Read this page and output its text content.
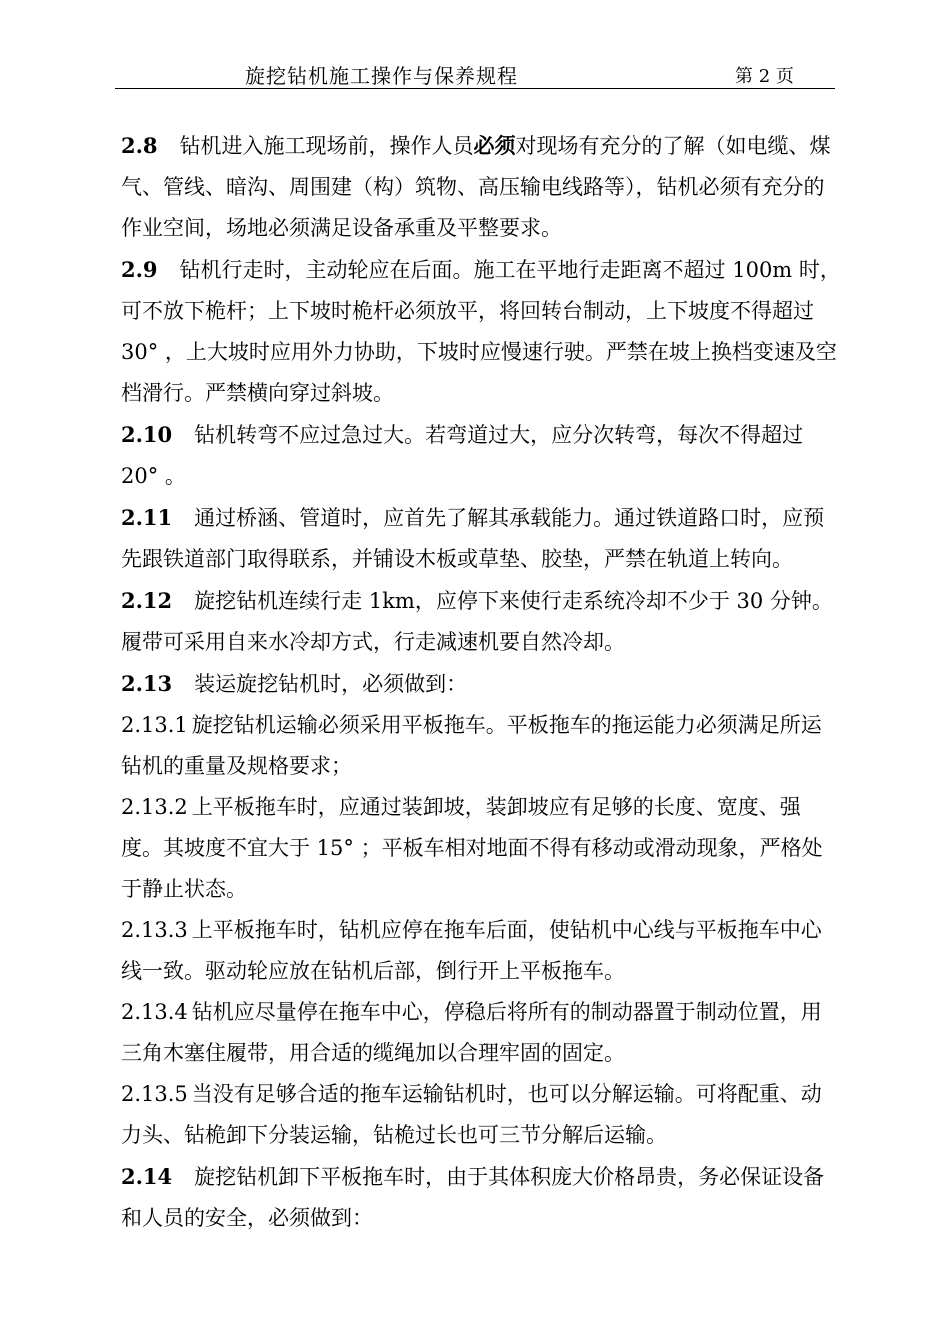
旋挖钻机施工操作与保养规程	第 2 页

2.8 钻机进入施工现场前，操作人员必须对现场有充分的了解（如电缆、煤气、管线、暗沟、周围建（构）筑物、高压输电线路等），钻机必须有充分的作业空间，场地必须满足设备承重及平整要求。

2.9 钻机行走时，主动轮应在后面。施工在平地行走距离不超过 100m 时，可不放下桅杆；上下坡时桅杆必须放平，将回转台制动，上下坡度不得超过 30° ，上大坡时应用外力协助，下坡时应慢速行驶。严禁在坡上换档变速及空档滑行。严禁横向穿过斜坡。

2.10 钻机转弯不应过急过大。若弯道过大，应分次转弯，每次不得超过 20° 。

2.11 通过桥涵、管道时，应首先了解其承载能力。通过铁道路口时，应预先跟铁道部门取得联系，并铺设木板或草垫、胶垫，严禁在轨道上转向。

2.12 旋挖钻机连续行走 1km，应停下来使行走系统冷却不少于 30 分钟。履带可采用自来水冷却方式，行走减速机要自然冷却。

2.13 装运旋挖钻机时，必须做到：

2.13.1 旋挖钻机运输必须采用平板拖车。平板拖车的拖运能力必须满足所运钻机的重量及规格要求；

2.13.2 上平板拖车时，应通过装卸坡，装卸坡应有足够的长度、宽度、强度。其坡度不宜大于 15° ；平板车相对地面不得有移动或滑动现象，严格处于静止状态。

2.13.3 上平板拖车时，钻机应停在拖车后面，使钻机中心线与平板拖车中心线一致。驱动轮应放在钻机后部，倒行开上平板拖车。

2.13.4 钻机应尽量停在拖车中心，停稳后将所有的制动器置于制动位置，用三角木塞住履带，用合适的缆绳加以合理牢固的固定。

2.13.5 当没有足够合适的拖车运输钻机时，也可以分解运输。可将配重、动力头、钻桅卸下分装运输，钻桅过长也可三节分解后运输。

2.14 旋挖钻机卸下平板拖车时，由于其体积庞大价格昂贵，务必保证设备和人员的安全，必须做到：
